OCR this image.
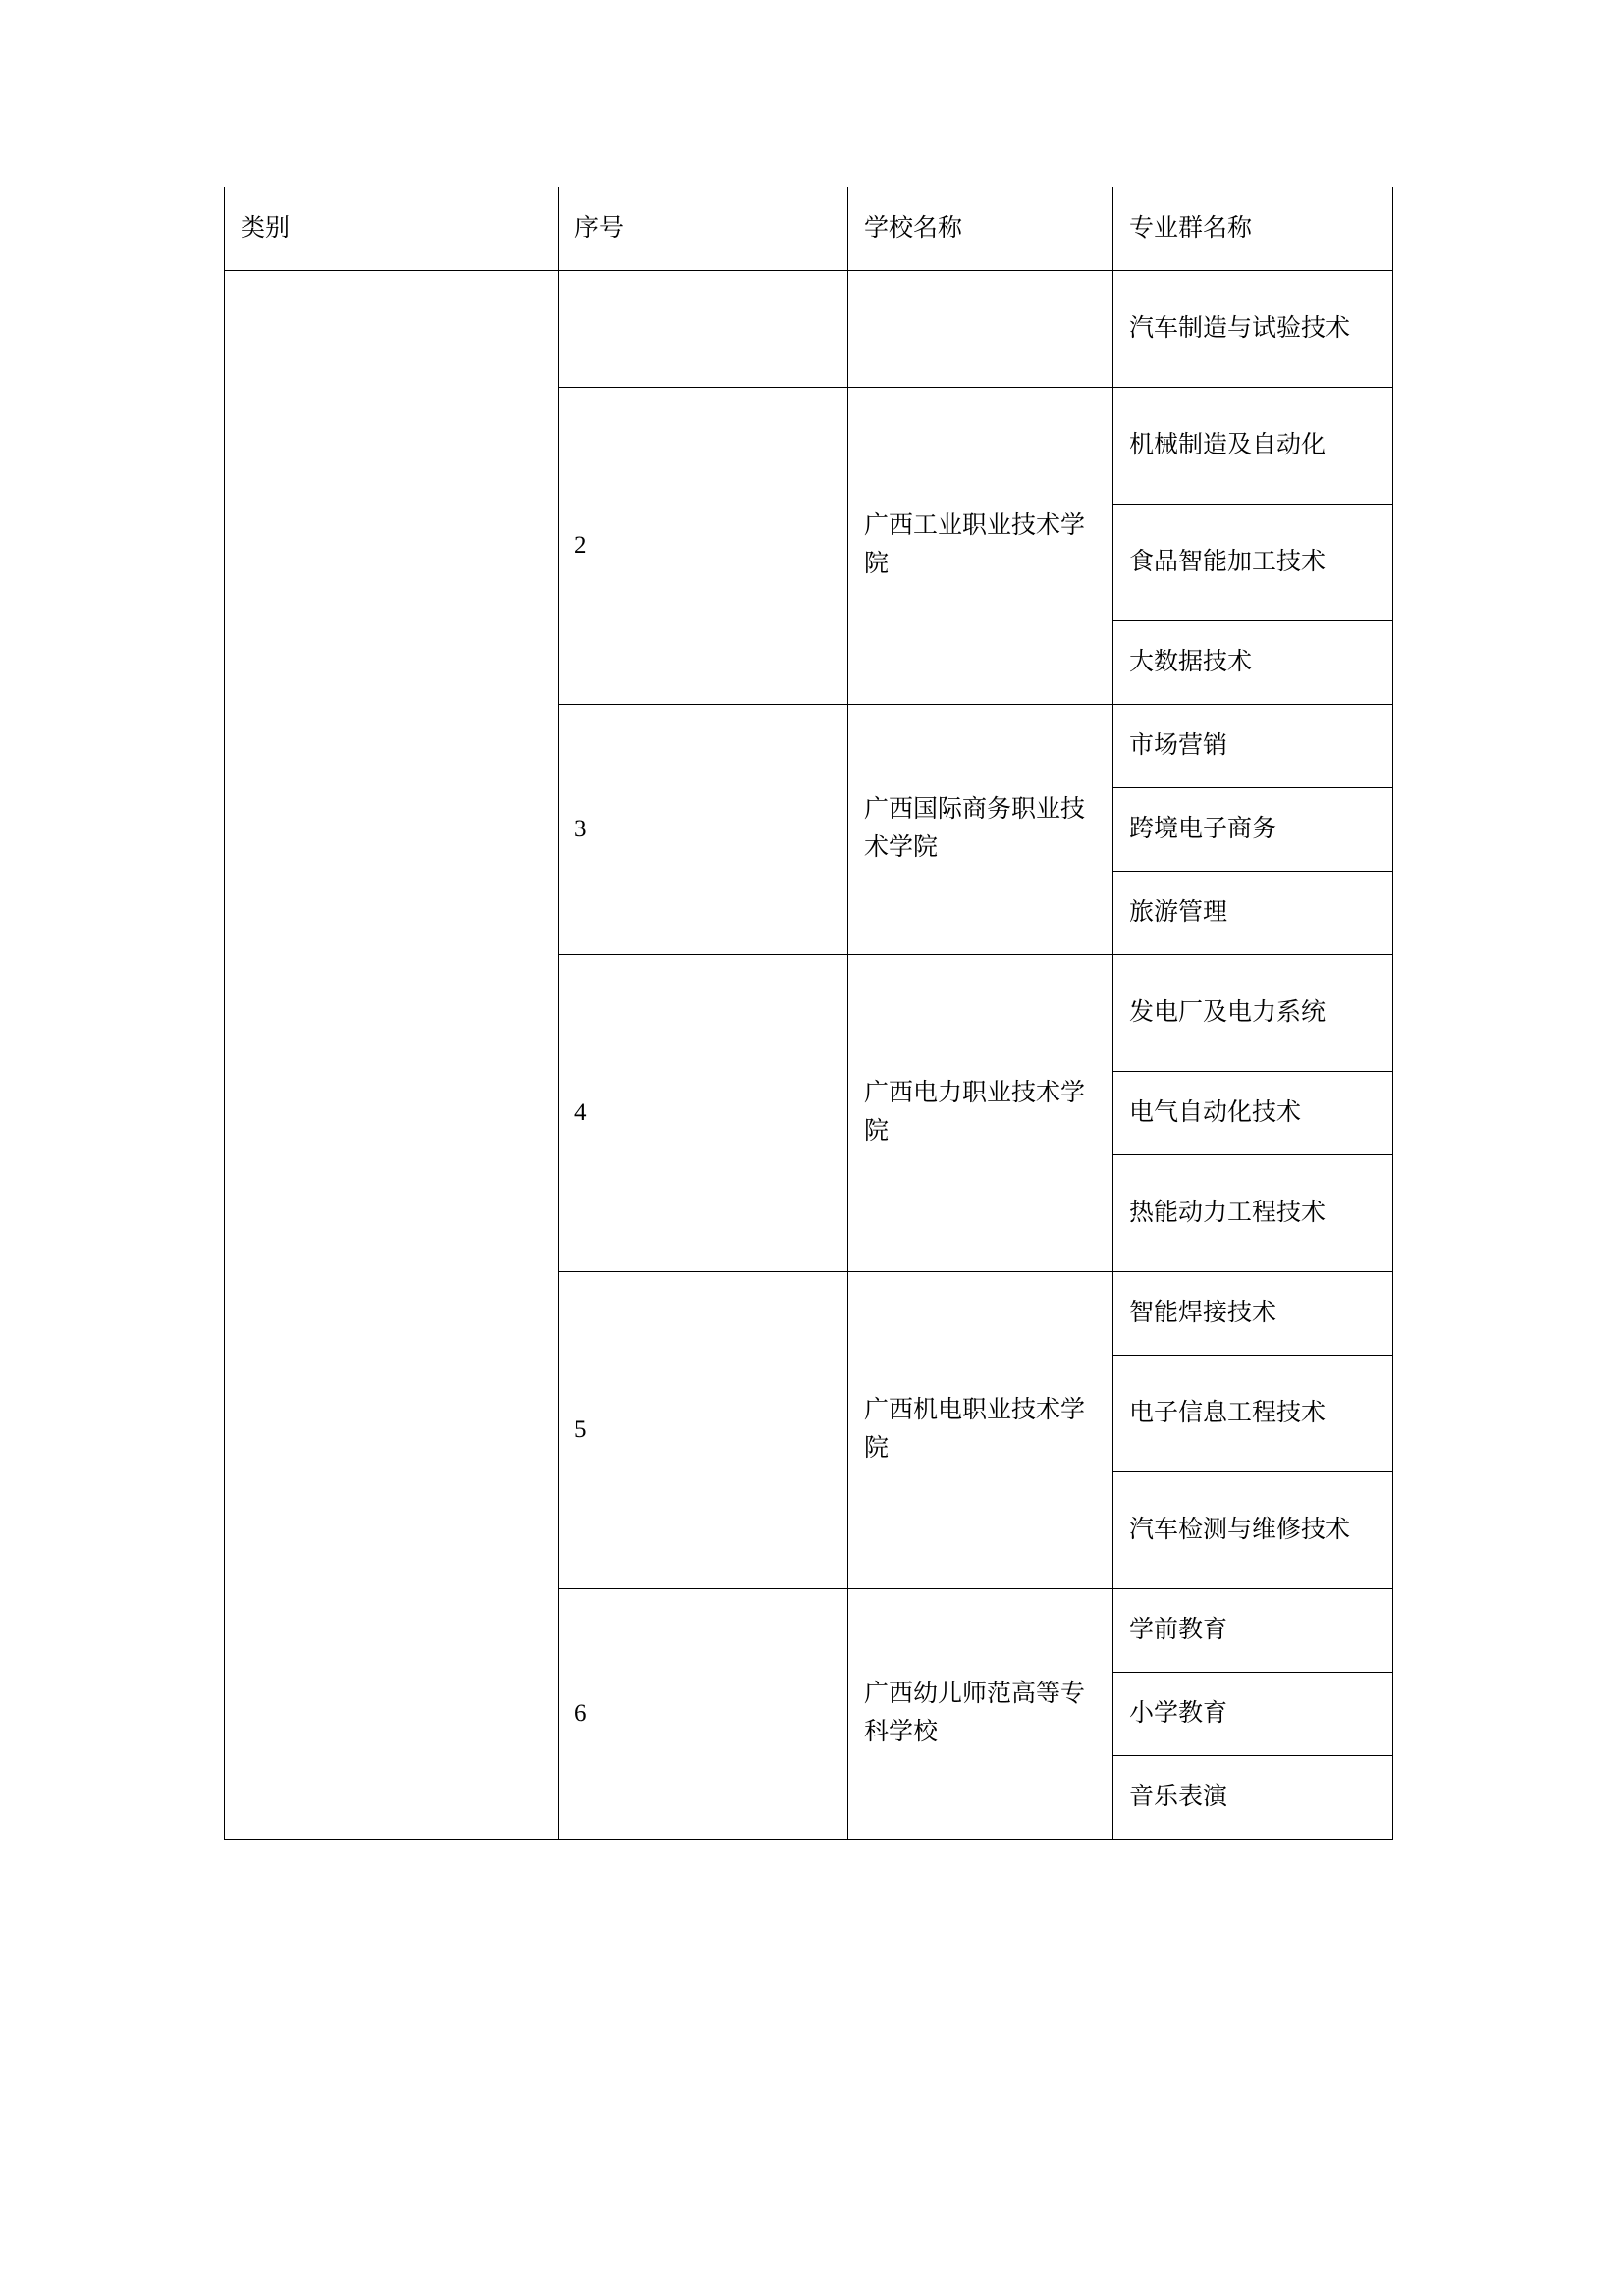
类别	序号	学校名称	专业群名称
			汽车制造与试验技术
	2	广西工业职业技术学院	机械制造及自动化
			食品智能加工技术
			大数据技术
	3	广西国际商务职业技术学院	市场营销
			跨境电子商务
			旅游管理
	4	广西电力职业技术学院	发电厂及电力系统
			电气自动化技术
			热能动力工程技术
	5	广西机电职业技术学院	智能焊接技术
			电子信息工程技术
			汽车检测与维修技术
	6	广西幼儿师范高等专科学校	学前教育
			小学教育
			音乐表演
